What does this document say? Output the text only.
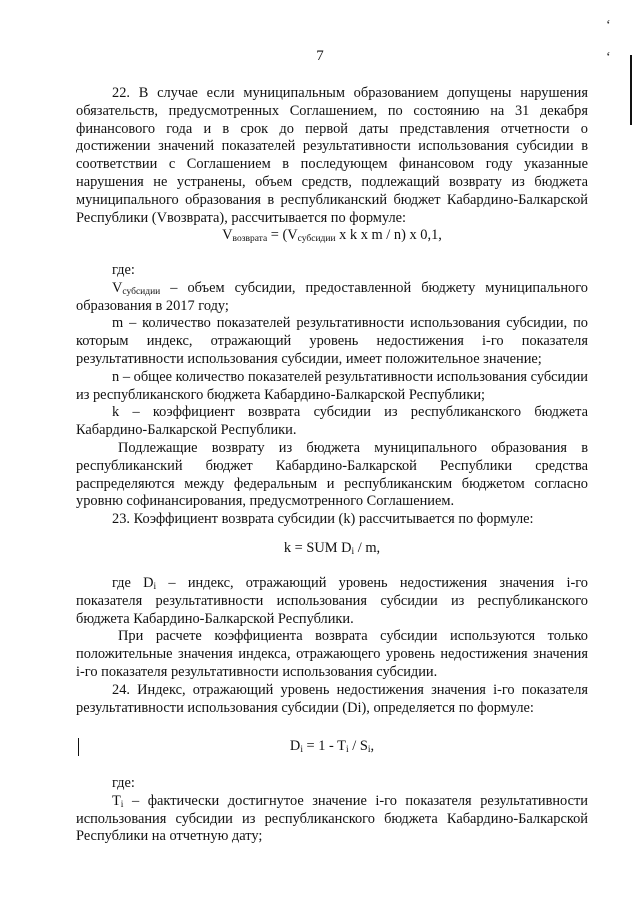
‘
‘
7

22. В случае если муниципальным образованием допущены нарушения обязательств, предусмотренных Соглашением, по состоянию на 31 декабря финансового года и в срок до первой даты представления отчетности о достижении значений показателей результативности использования субсидии в соответствии с Соглашением в последующем финансовом году указанные нарушения не устранены, объем средств, подлежащий возврату из бюджета муниципального образования в республиканский бюджет Кабардино-Балкарской Республики (Vвозврата), рассчитывается по формуле:

$V_{возврата} = (V_{субсидии}$ x k x m / n) x 0,1,

где:

$V_{субсидии}$ – объем субсидии, предоставленной бюджету муниципального образования в 2017 году;

m – количество показателей результативности использования субсидии, по которым индекс, отражающий уровень недостижения i-го показателя результативности использования субсидии, имеет положительное значение;

n – общее количество показателей результативности использования субсидии из республиканского бюджета Кабардино-Балкарской Республики;

k – коэффициент возврата субсидии из республиканского бюджета Кабардино-Балкарской Республики.

Подлежащие возврату из бюджета муниципального образования в республиканский бюджет Кабардино-Балкарской Республики средства распределяются между федеральным и республиканским бюджетом согласно уровню софинансирования, предусмотренного Соглашением.

23. Коэффициент возврата субсидии (k) рассчитывается по формуле:

k = SUM $D_i$ / m,

где $D_i$ – индекс, отражающий уровень недостижения значения i-го показателя результативности использования субсидии из республиканского бюджета Кабардино-Балкарской Республики.

При расчете коэффициента возврата субсидии используются только положительные значения индекса, отражающего уровень недостижения значения i-го показателя результативности использования субсидии.

24. Индекс, отражающий уровень недостижения значения i-го показателя результативности использования субсидии (Di), определяется по формуле:

$D_i = 1 - T_i / S_i$,

где:

$T_i$ – фактически достигнутое значение i-го показателя результативности использования субсидии из республиканского бюджета Кабардино-Балкарской Республики на отчетную дату;
